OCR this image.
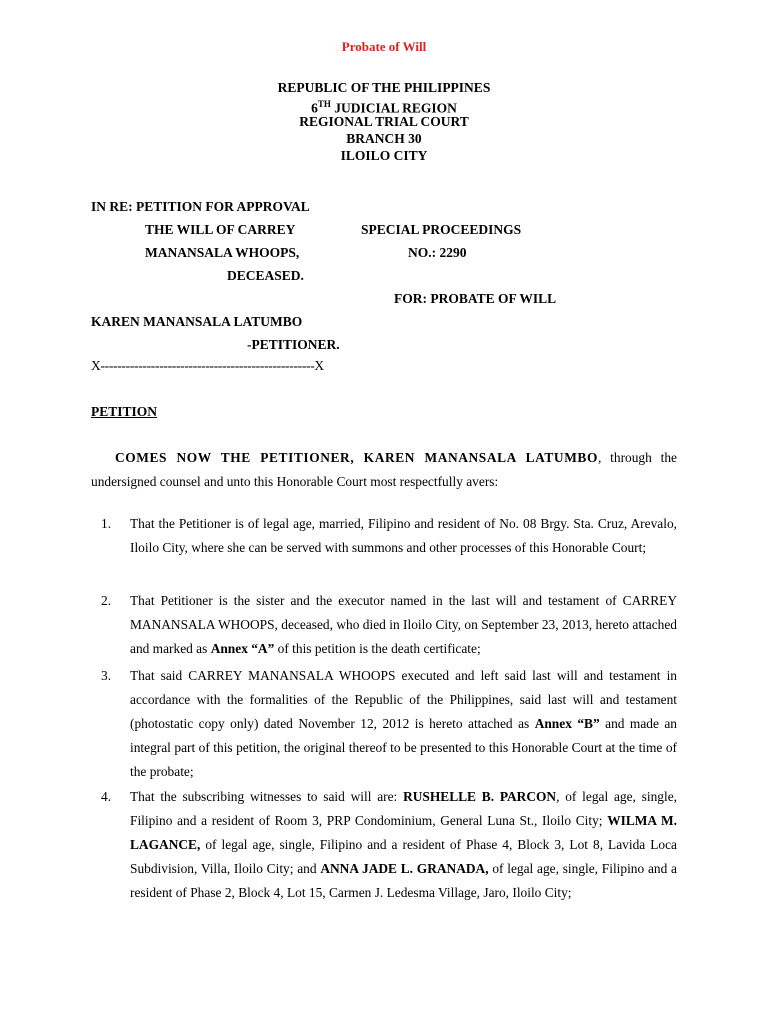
Probate of Will
REPUBLIC OF THE PHILIPPINES
6TH JUDICIAL REGION
REGIONAL TRIAL COURT
BRANCH 30
ILOILO CITY
IN RE: PETITION FOR APPROVAL
THE WILL OF CARREY
MANANSALA WHOOPS,
DECEASED.
SPECIAL PROCEEDINGS
NO.: 2290
FOR: PROBATE OF WILL
KAREN MANANSALA LATUMBO
-PETITIONER.
X---------------------------------------------------X
PETITION
COMES NOW THE PETITIONER, KAREN MANANSALA LATUMBO, through the undersigned counsel and unto this Honorable Court most respectfully avers:
1. That the Petitioner is of legal age, married, Filipino and resident of No. 08 Brgy. Sta. Cruz, Arevalo, Iloilo City, where she can be served with summons and other processes of this Honorable Court;
2. That Petitioner is the sister and the executor named in the last will and testament of CARREY MANANSALA WHOOPS, deceased, who died in Iloilo City, on September 23, 2013, hereto attached and marked as Annex “A” of this petition is the death certificate;
3. That said CARREY MANANSALA WHOOPS executed and left said last will and testament in accordance with the formalities of the Republic of the Philippines, said last will and testament (photostatic copy only) dated November 12, 2012 is hereto attached as Annex “B” and made an integral part of this petition, the original thereof to be presented to this Honorable Court at the time of the probate;
4. That the subscribing witnesses to said will are: RUSHELLE B. PARCON, of legal age, single, Filipino and a resident of Room 3, PRP Condominium, General Luna St., Iloilo City; WILMA M. LAGANCE, of legal age, single, Filipino and a resident of Phase 4, Block 3, Lot 8, Lavida Loca Subdivision, Villa, Iloilo City; and ANNA JADE L. GRANADA, of legal age, single, Filipino and a resident of Phase 2, Block 4, Lot 15, Carmen J. Ledesma Village, Jaro, Iloilo City;
